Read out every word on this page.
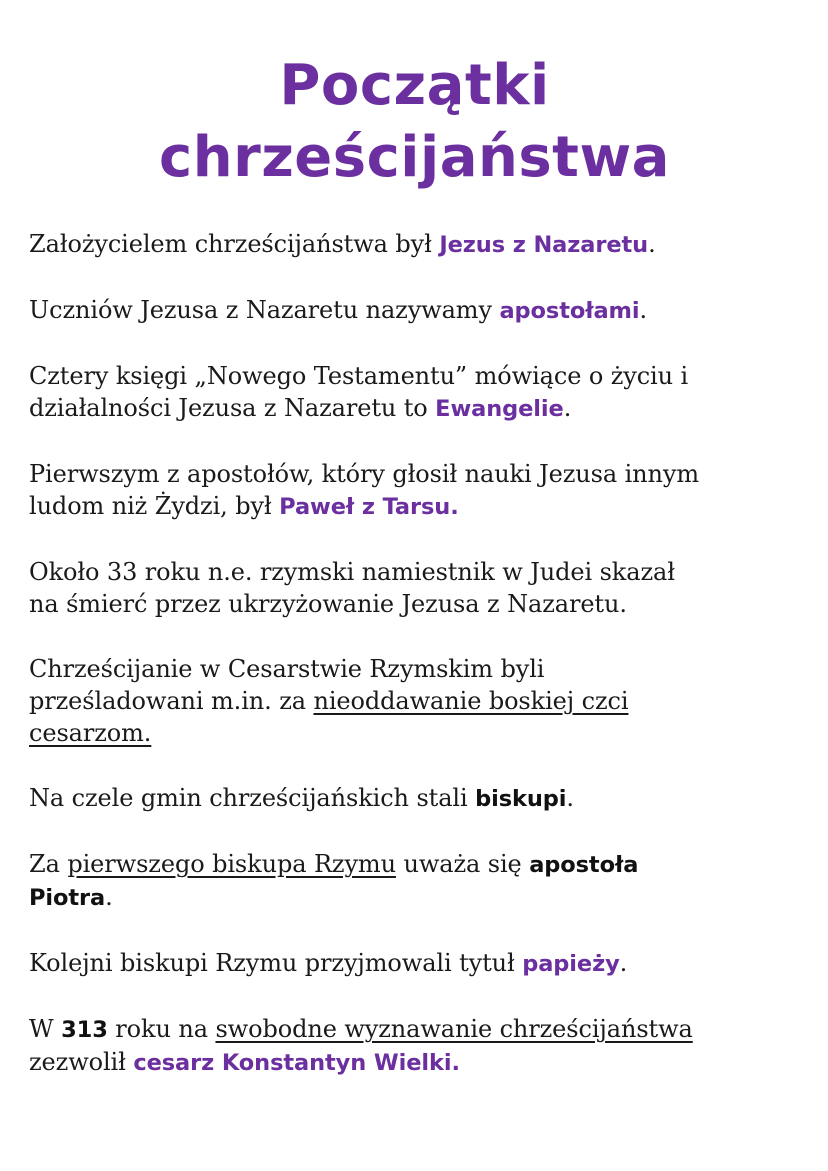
Początki
chrześcijaństwa

Założycielem chrześcijaństwa był Jezus z Nazaretu.

Uczniów Jezusa z Nazaretu nazywamy apostołami.

Cztery księgi „Nowego Testamentu” mówiące o życiu i
działalności Jezusa z Nazaretu to Ewangelie.

Pierwszym z apostołów, który głosił nauki Jezusa innym
ludom niż Żydzi, był Paweł z Tarsu.

Około 33 roku n.e. rzymski namiestnik w Judei skazał
na śmierć przez ukrzyżowanie Jezusa z Nazaretu.

Chrześcijanie w Cesarstwie Rzymskim byli
prześladowani m.in. za nieoddawanie boskiej czci
cesarzom.

Na czele gmin chrześcijańskich stali biskupi.

Za pierwszego biskupa Rzymu uważa się apostoła
Piotra.

Kolejni biskupi Rzymu przyjmowali tytuł papieży.

W 313 roku na swobodne wyznawanie chrześcijaństwa
zezwolił cesarz Konstantyn Wielki.
